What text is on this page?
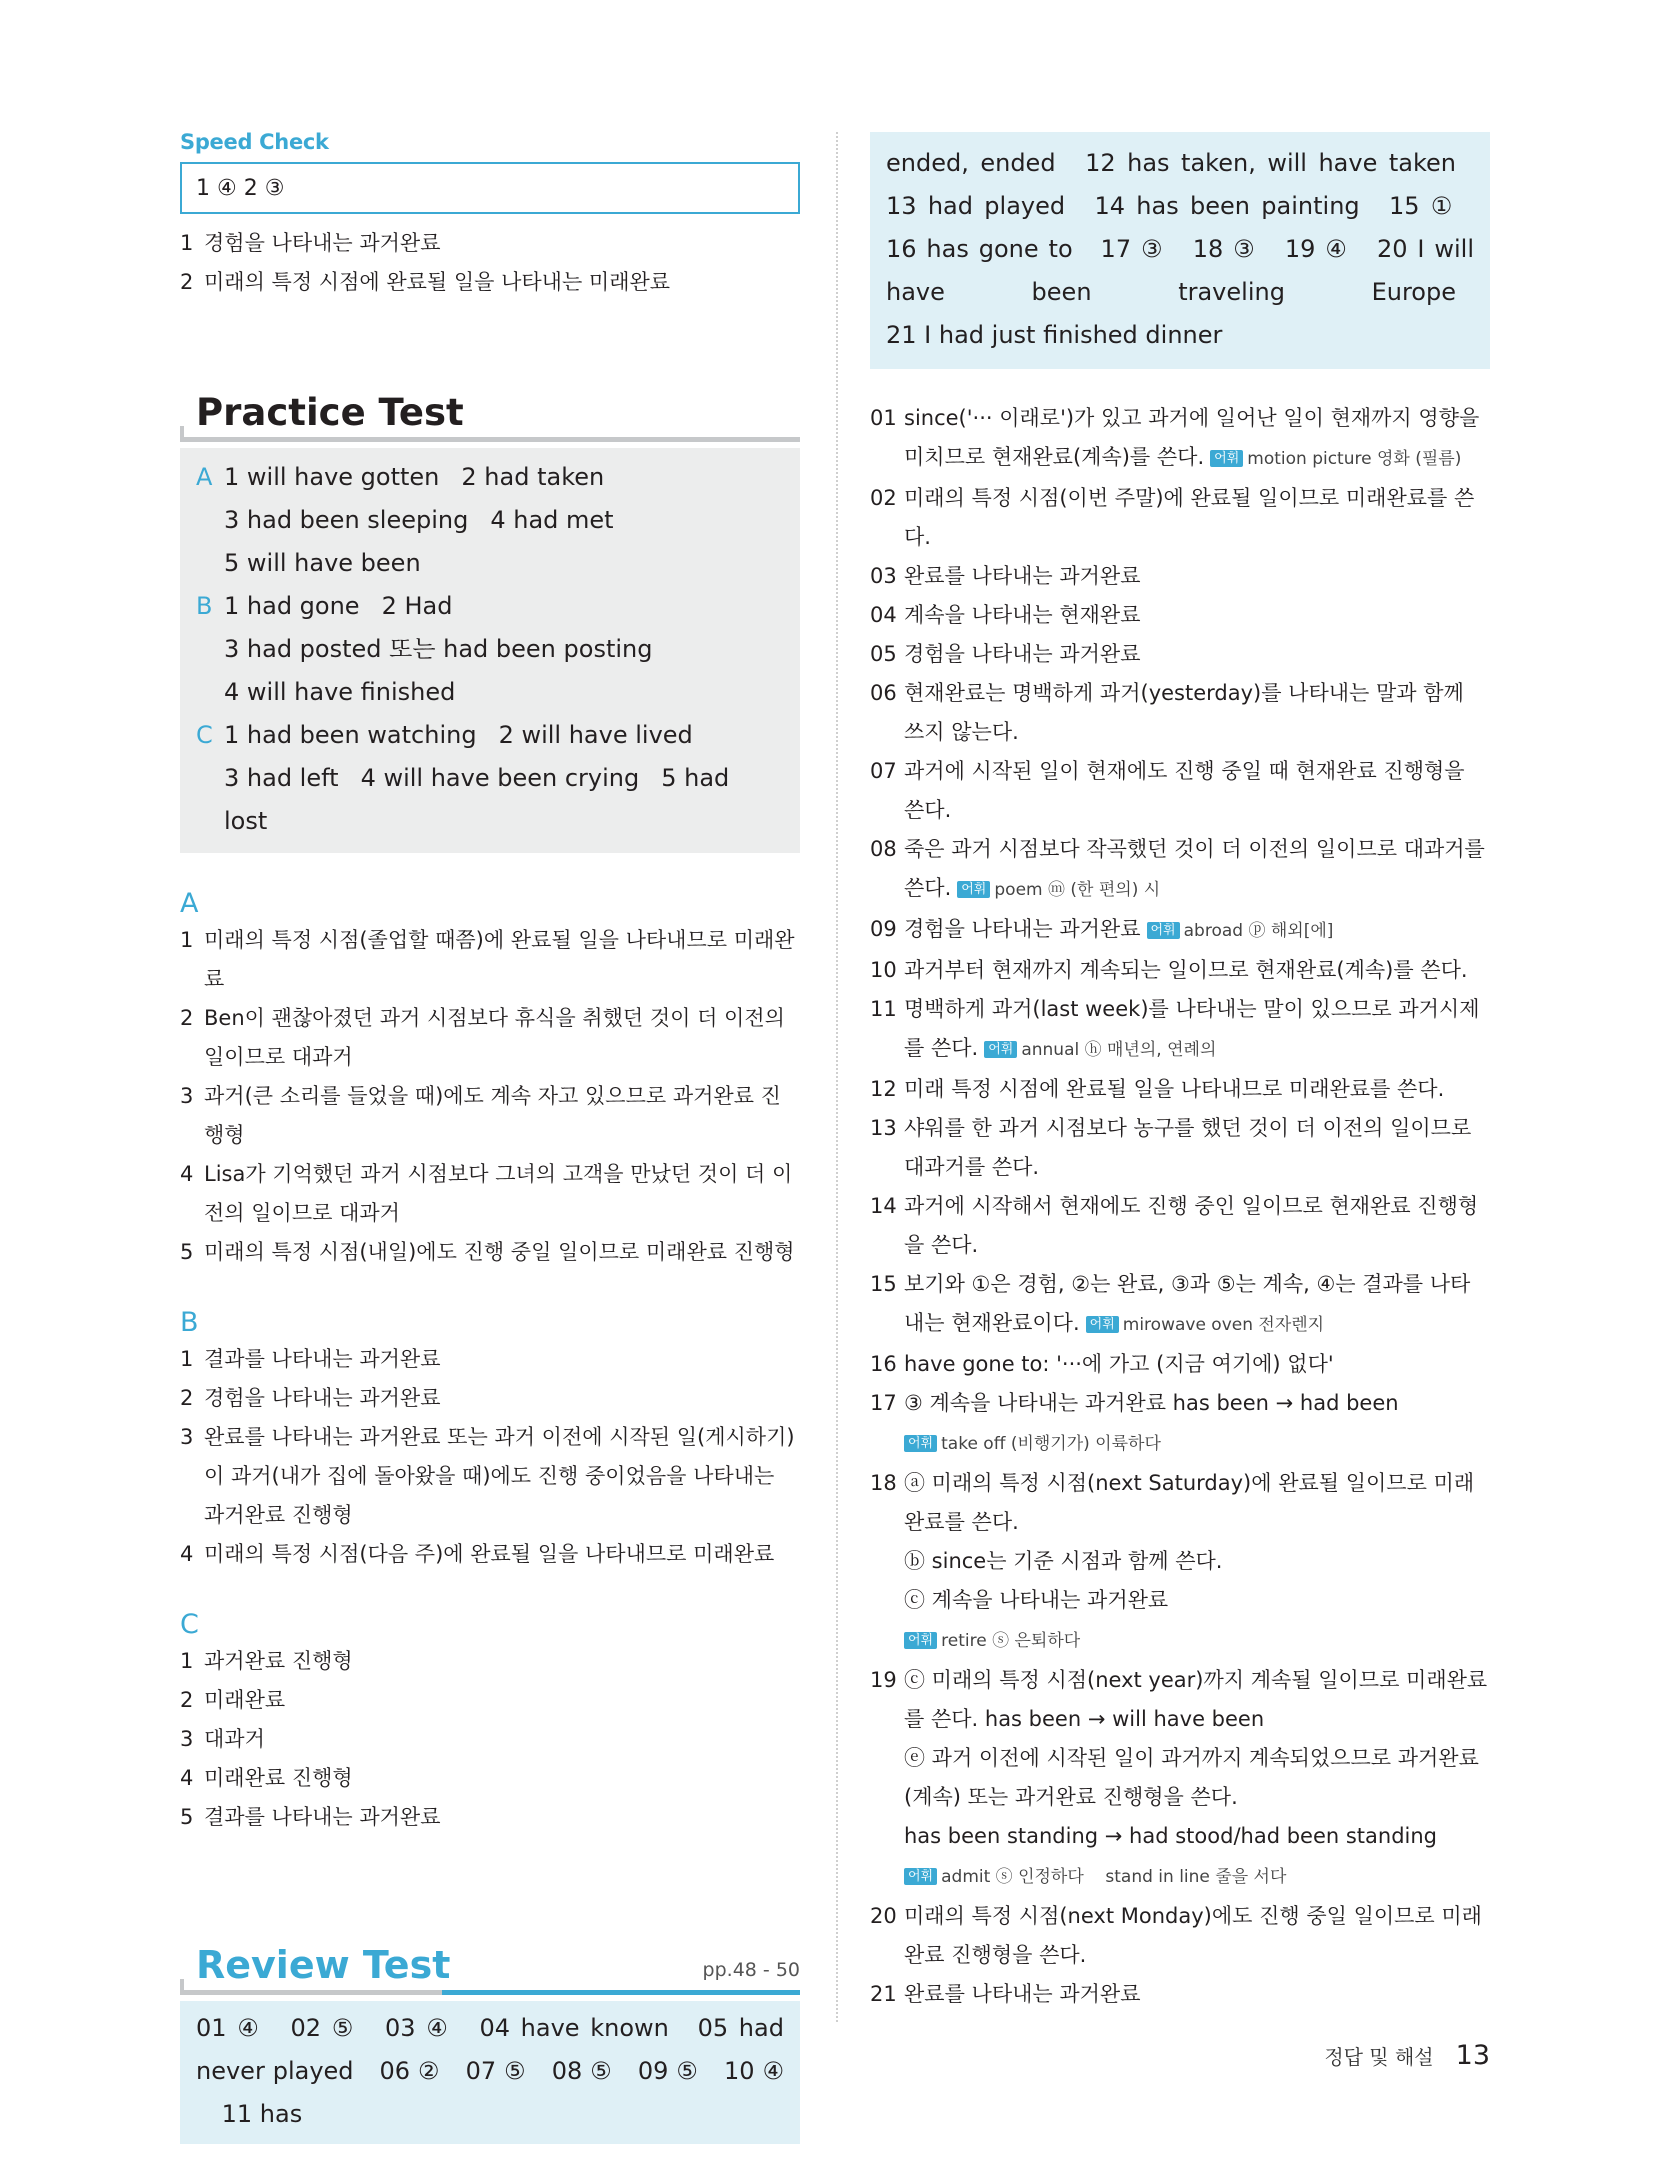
Speed Check
1 ④ 2 ③
1 경험을 나타내는 과거완료
2 미래의 특정 시점에 완료될 일을 나타내는 미래완료
Practice Test
A 1 will have gotten 2 had taken
3 had been sleeping 4 had met
5 will have been
B 1 had gone 2 Had
3 had posted 또는 had been posting
4 will have finished
C 1 had been watching 2 will have lived
3 had left 4 will have been crying 5 had lost
A
1 미래의 특정 시점(졸업할 때쯤)에 완료될 일을 나타내므로 미래완료
2 Ben이 괜찮아졌던 과거 시점보다 휴식을 취했던 것이 더 이전의 일이므로 대과거
3 과거(큰 소리를 들었을 때)에도 계속 자고 있으므로 과거완료 진행형
4 Lisa가 기억했던 과거 시점보다 그녀의 고객을 만났던 것이 더 이전의 일이므로 대과거
5 미래의 특정 시점(내일)에도 진행 중일 일이므로 미래완료 진행형
B
1 결과를 나타내는 과거완료
2 경험을 나타내는 과거완료
3 완료를 나타내는 과거완료 또는 과거 이전에 시작된 일(게시하기)이 과거(내가 집에 돌아왔을 때)에도 진행 중이었음을 나타내는 과거완료 진행형
4 미래의 특정 시점(다음 주)에 완료될 일을 나타내므로 미래완료
C
1 과거완료 진행형
2 미래완료
3 대과거
4 미래완료 진행형
5 결과를 나타내는 과거완료
Review Test	pp.48 - 50
01 ④ 02 ⑤ 03 ④ 04 have known 05 had never played 06 ② 07 ⑤ 08 ⑤ 09 ⑤ 10 ④ 11 has
ended, ended 12 has taken, will have taken 13 had played 14 has been painting 15 ① 16 has gone to 17 ③ 18 ③ 19 ④ 20 I will have been traveling Europe 21 I had just finished dinner
01 since('··· 이래로')가 있고 과거에 일어난 일이 현재까지 영향을 미치므로 현재완료(계속)를 쓴다. 어휘 motion picture 영화 (필름)
02 미래의 특정 시점(이번 주말)에 완료될 일이므로 미래완료를 쓴다.
03 완료를 나타내는 과거완료
04 계속을 나타내는 현재완료
05 경험을 나타내는 과거완료
06 현재완료는 명백하게 과거(yesterday)를 나타내는 말과 함께 쓰지 않는다.
07 과거에 시작된 일이 현재에도 진행 중일 때 현재완료 진행형을 쓴다.
08 죽은 과거 시점보다 작곡했던 것이 더 이전의 일이므로 대과거를 쓴다. 어휘 poem ⓜ (한 편의) 시
09 경험을 나타내는 과거완료 어휘 abroad ⓟ 해외[에]
10 과거부터 현재까지 계속되는 일이므로 현재완료(계속)를 쓴다.
11 명백하게 과거(last week)를 나타내는 말이 있으므로 과거시제를 쓴다. 어휘 annual ⓗ 매년의, 연례의
12 미래 특정 시점에 완료될 일을 나타내므로 미래완료를 쓴다.
13 샤워를 한 과거 시점보다 농구를 했던 것이 더 이전의 일이므로 대과거를 쓴다.
14 과거에 시작해서 현재에도 진행 중인 일이므로 현재완료 진행형을 쓴다.
15 보기와 ①은 경험, ②는 완료, ③과 ⑤는 계속, ④는 결과를 나타내는 현재완료이다. 어휘 mirowave oven 전자렌지
16 have gone to: '···에 가고 (지금 여기에) 없다'
17 ③ 계속을 나타내는 과거완료 has been → had been
어휘 take off (비행기가) 이륙하다
18 ⓐ 미래의 특정 시점(next Saturday)에 완료될 일이므로 미래완료를 쓴다.
ⓑ since는 기준 시점과 함께 쓴다.
ⓒ 계속을 나타내는 과거완료
어휘 retire ⓢ 은퇴하다
19 ⓒ 미래의 특정 시점(next year)까지 계속될 일이므로 미래완료를 쓴다. has been → will have been
ⓔ 과거 이전에 시작된 일이 과거까지 계속되었으므로 과거완료(계속) 또는 과거완료 진행형을 쓴다.
has been standing → had stood/had been standing
어휘 admit ⓢ 인정하다    stand in line 줄을 서다
20 미래의 특정 시점(next Monday)에도 진행 중일 일이므로 미래완료 진행형을 쓴다.
21 완료를 나타내는 과거완료
정답 및 해설 13
